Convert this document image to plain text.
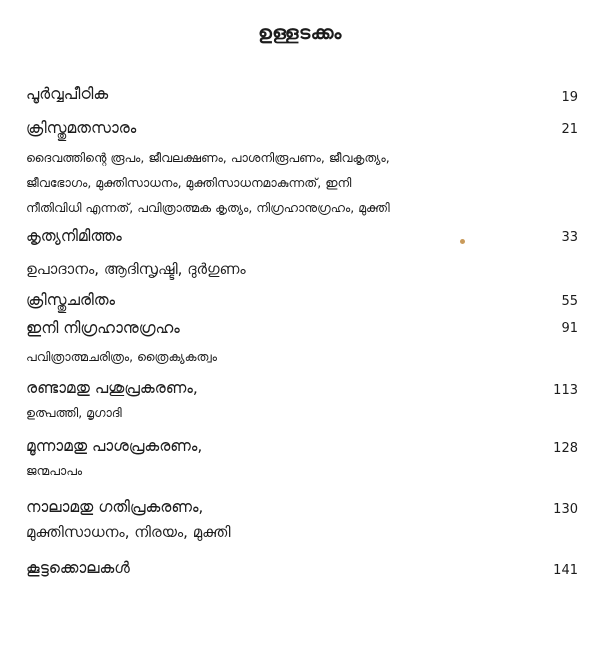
ഉള്ളടക്കം
പൂർവ്വപീഠിക	19
ക്രിസ്തുമതസാരം	21
ദൈവത്തിന്റെ രൂപം, ജീവലക്ഷണം, പാശനിരൂപണം, ജീവകൃത്യം,
ജീവഭോഗം, മുക്തിസാധനം, മുക്തിസാധനമാകുന്നത്, ഇനി
നീതിവിധി എന്നത്, പവിത്രാത്മക കൃത്യം, നിഗ്രഹാനുഗ്രഹം, മുക്തി
കൃത്യനിമിത്തം	33
ഉപാദാനം, ആദിസൃഷ്ടി, ദുർഗുണം
ക്രിസ്തുചരിതം	55
ഇനി നിഗ്രഹാനുഗ്രഹം	91
പവിത്രാത്മചരിത്രം, ത്രൈക്യകത്വം
രണ്ടാമതു പശുപ്രകരണം,	113
ഉത്പത്തി, മൃഗാദി
മൂന്നാമതു പാശപ്രകരണം,	128
ജന്മപാപം
നാലാമതു ഗതിപ്രകരണം,	130
മുക്തിസാധനം, നിരയം, മുക്തി
കൂട്ടക്കൊലകൾ	141
